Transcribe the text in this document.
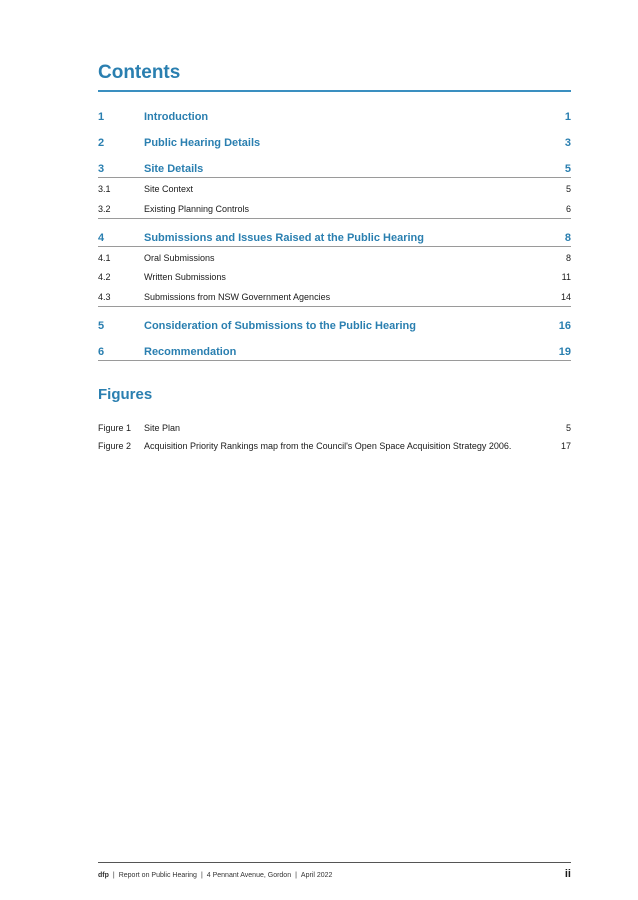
Contents
1	Introduction	1
2	Public Hearing Details	3
3	Site Details	5
3.1	Site Context	5
3.2	Existing Planning Controls	6
4	Submissions and Issues Raised at the Public Hearing	8
4.1	Oral Submissions	8
4.2	Written Submissions	11
4.3	Submissions from NSW Government Agencies	14
5	Consideration of Submissions to the Public Hearing	16
6	Recommendation	19
Figures
Figure 1	Site Plan	5
Figure 2	Acquisition Priority Rankings map from the Council's Open Space Acquisition Strategy 2006.	17
dfp | Report on Public Hearing | 4 Pennant Avenue, Gordon | April 2022	ii
